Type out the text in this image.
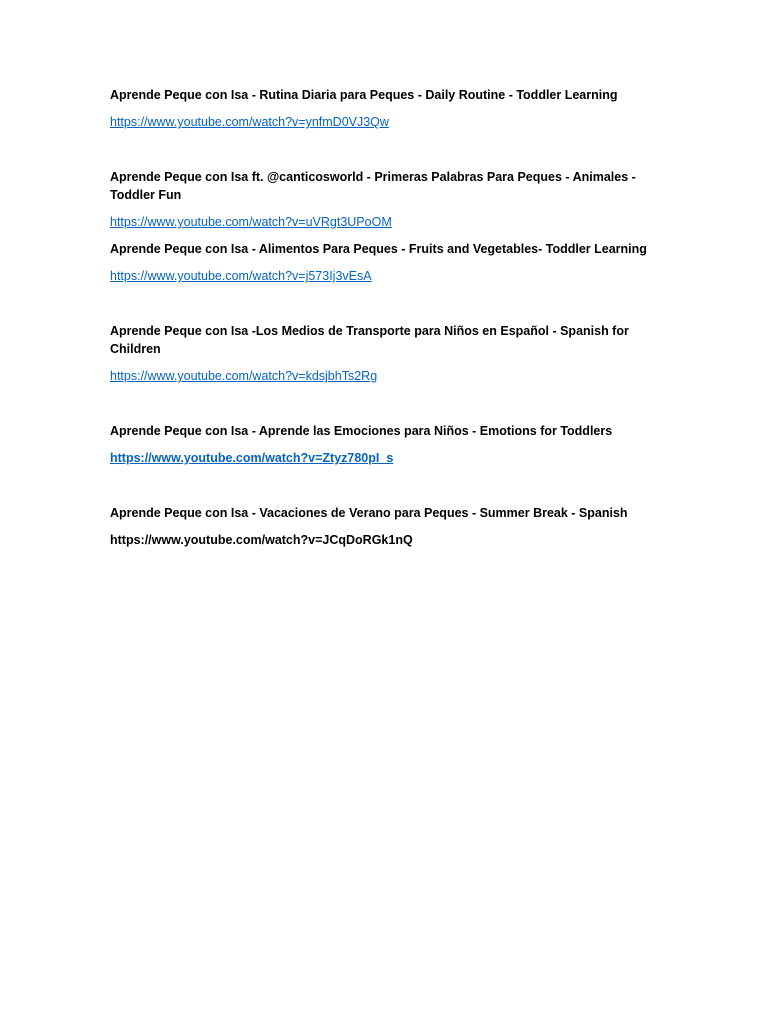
Aprende Peque con Isa - Rutina Diaria para Peques - Daily Routine - Toddler Learning

https://www.youtube.com/watch?v=ynfmD0VJ3Qw

Aprende Peque con Isa ft. @canticosworld - Primeras Palabras Para Peques - Animales - Toddler Fun

https://www.youtube.com/watch?v=uVRgt3UPoOM

Aprende Peque con Isa - Alimentos Para Peques - Fruits and Vegetables- Toddler Learning

https://www.youtube.com/watch?v=j573Ij3vEsA

Aprende Peque con Isa -Los Medios de Transporte para Niños en Español - Spanish for Children

https://www.youtube.com/watch?v=kdsjbhTs2Rg

Aprende Peque con Isa - Aprende las Emociones para Niños - Emotions for Toddlers

https://www.youtube.com/watch?v=Ztyz780pI_s

Aprende Peque con Isa - Vacaciones de Verano para Peques - Summer Break - Spanish

https://www.youtube.com/watch?v=JCqDoRGk1nQ
